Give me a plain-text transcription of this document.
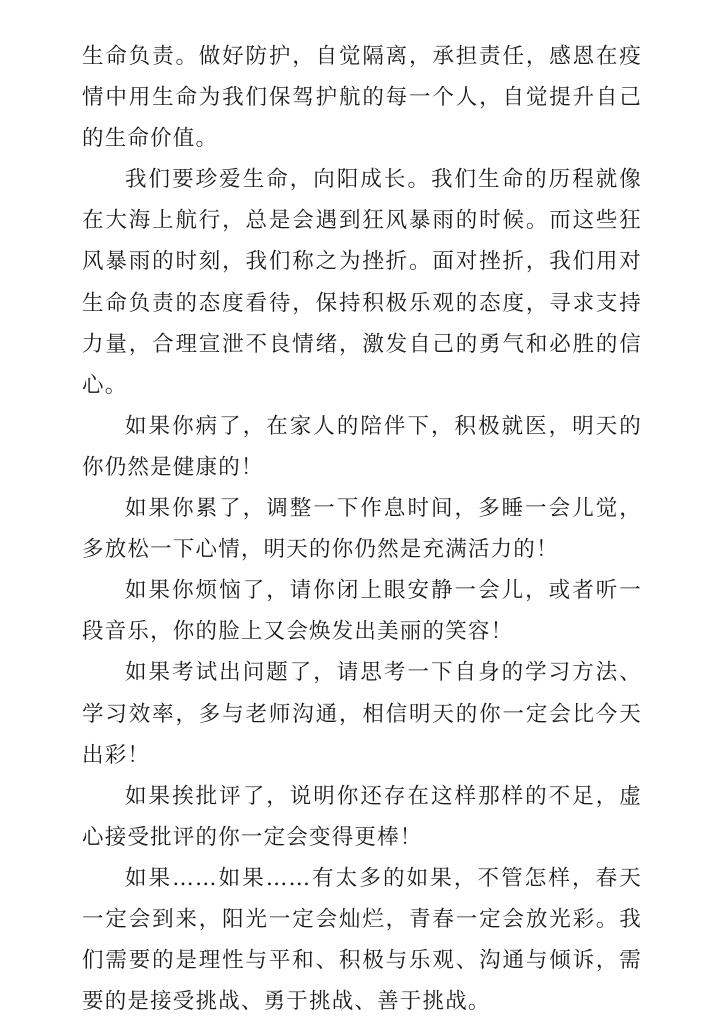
生命负责。做好防护，自觉隔离，承担责任，感恩在疫情中用生命为我们保驾护航的每一个人，自觉提升自己的生命价值。

我们要珍爱生命，向阳成长。我们生命的历程就像在大海上航行，总是会遇到狂风暴雨的时候。而这些狂风暴雨的时刻，我们称之为挫折。面对挫折，我们用对生命负责的态度看待，保持积极乐观的态度，寻求支持力量，合理宣泄不良情绪，激发自己的勇气和必胜的信心。

如果你病了，在家人的陪伴下，积极就医，明天的你仍然是健康的！

如果你累了，调整一下作息时间，多睡一会儿觉，多放松一下心情，明天的你仍然是充满活力的！

如果你烦恼了，请你闭上眼安静一会儿，或者听一段音乐，你的脸上又会焕发出美丽的笑容！

如果考试出问题了，请思考一下自身的学习方法、学习效率，多与老师沟通，相信明天的你一定会比今天出彩！

如果挨批评了，说明你还存在这样那样的不足，虚心接受批评的你一定会变得更棒！

如果……如果……有太多的如果，不管怎样，春天一定会到来，阳光一定会灿烂，青春一定会放光彩。我们需要的是理性与平和、积极与乐观、沟通与倾诉，需要的是接受挑战、勇于挑战、善于挑战。
